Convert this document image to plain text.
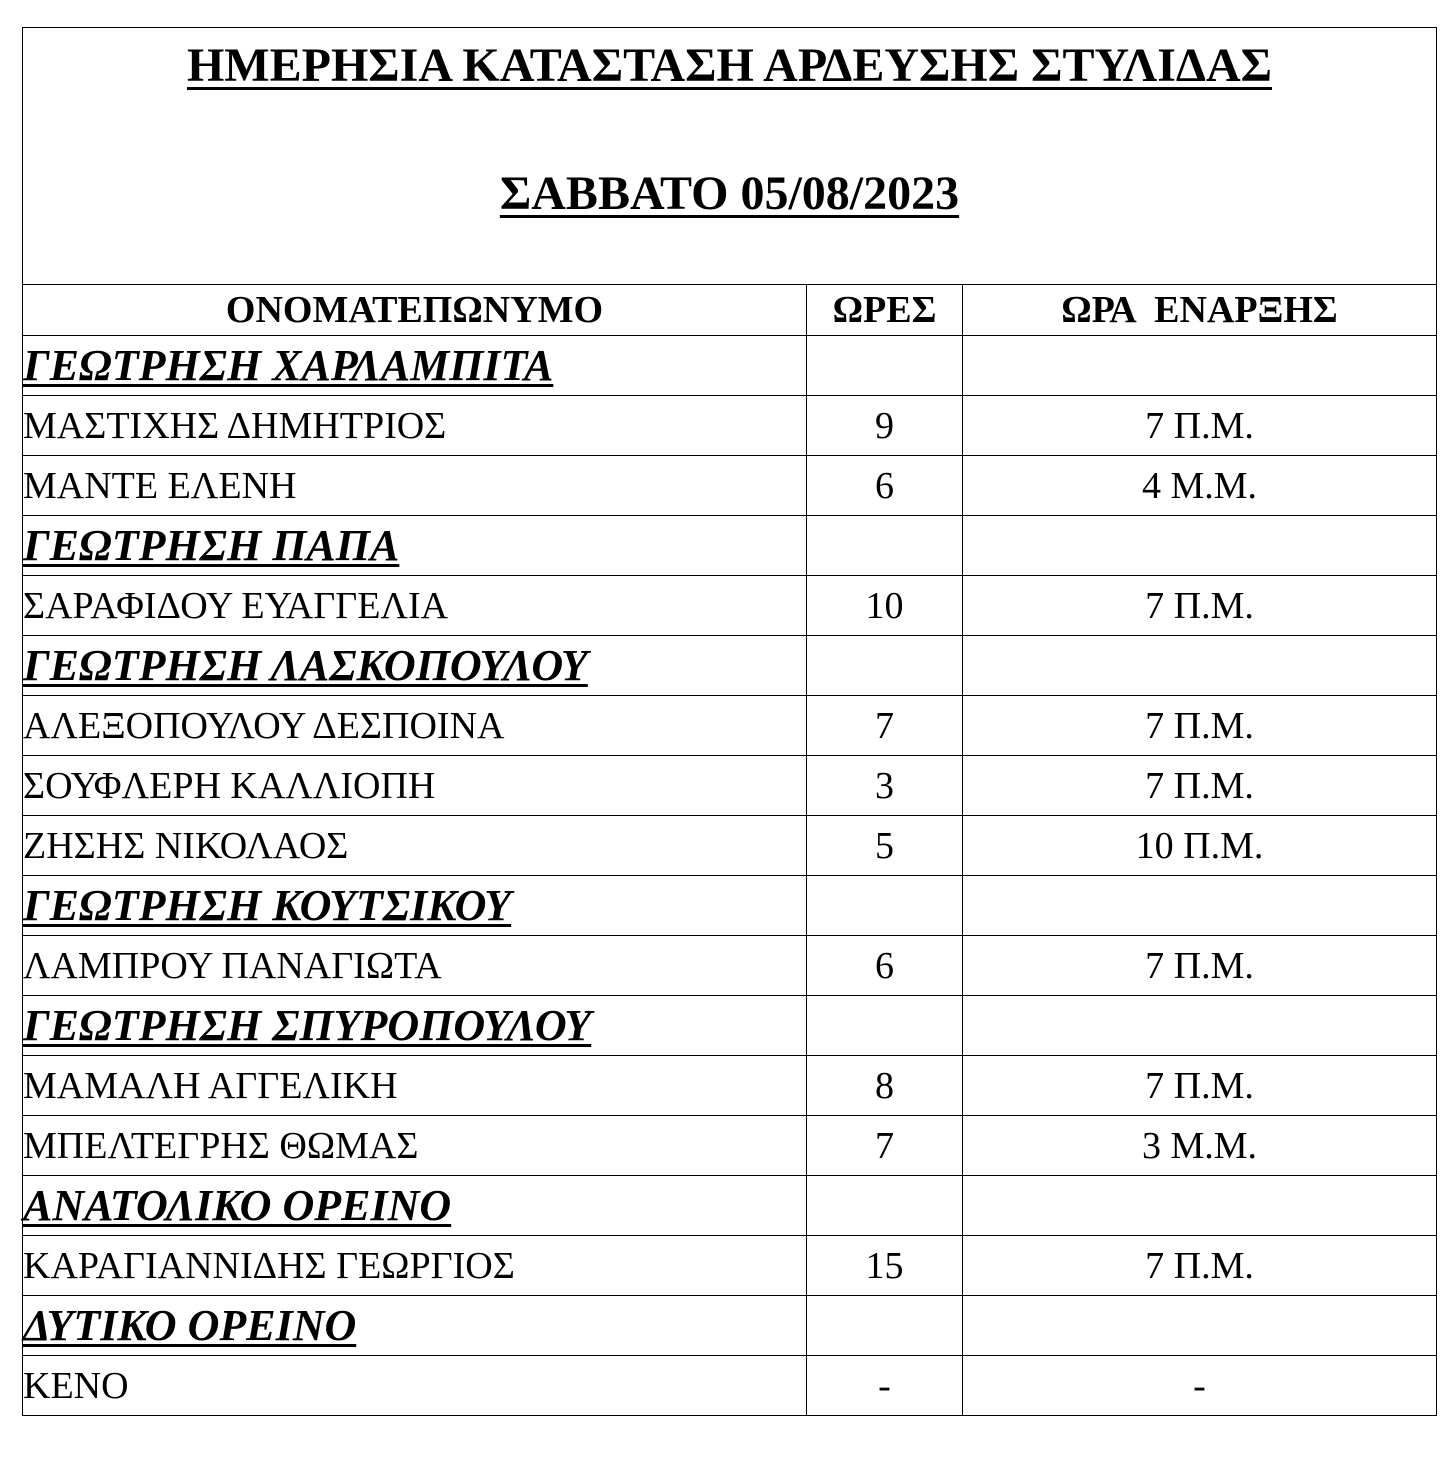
ΗΜΕΡΗΣΙΑ ΚΑΤΑΣΤΑΣΗ ΑΡΔΕΥΣΗΣ ΣΤΥΛΙΔΑΣ
ΣΑΒΒΑΤΟ 05/08/2023		

ΟΝΟΜΑΤΕΠΩΝΥΜΟ	ΩΡΕΣ	ΩΡΑ ΕΝΑΡΞΗΣ
ΓΕΩΤΡΗΣΗ ΧΑΡΛΑΜΠΙΤΑ		
ΜΑΣΤΙΧΗΣ ΔΗΜΗΤΡΙΟΣ	9	7 Π.Μ.
ΜΑΝΤΕ ΕΛΕΝΗ	6	4 Μ.Μ.
ΓΕΩΤΡΗΣΗ ΠΑΠΑ		
ΣΑΡΑΦΙΔΟΥ ΕΥΑΓΓΕΛΙΑ	10	7 Π.Μ.
ΓΕΩΤΡΗΣΗ ΛΑΣΚΟΠΟΥΛΟΥ		
ΑΛΕΞΟΠΟΥΛΟΥ ΔΕΣΠΟΙΝΑ	7	7 Π.Μ.
ΣΟΥΦΛΕΡΗ ΚΑΛΛΙΟΠΗ	3	7 Π.Μ.
ΖΗΣΗΣ ΝΙΚΟΛΑΟΣ	5	10 Π.Μ.
ΓΕΩΤΡΗΣΗ ΚΟΥΤΣΙΚΟΥ		
ΛΑΜΠΡΟΥ ΠΑΝΑΓΙΩΤΑ	6	7 Π.Μ.
ΓΕΩΤΡΗΣΗ ΣΠΥΡΟΠΟΥΛΟΥ		
ΜΑΜΑΛΗ ΑΓΓΕΛΙΚΗ	8	7 Π.Μ.
ΜΠΕΛΤΕΓΡΗΣ ΘΩΜΑΣ	7	3 Μ.Μ.
ΑΝΑΤΟΛΙΚΟ ΟΡΕΙΝΟ		
ΚΑΡΑΓΙΑΝΝΙΔΗΣ ΓΕΩΡΓΙΟΣ	15	7 Π.Μ.
ΔΥΤΙΚΟ ΟΡΕΙΝΟ		
ΚΕΝΟ	-	-
